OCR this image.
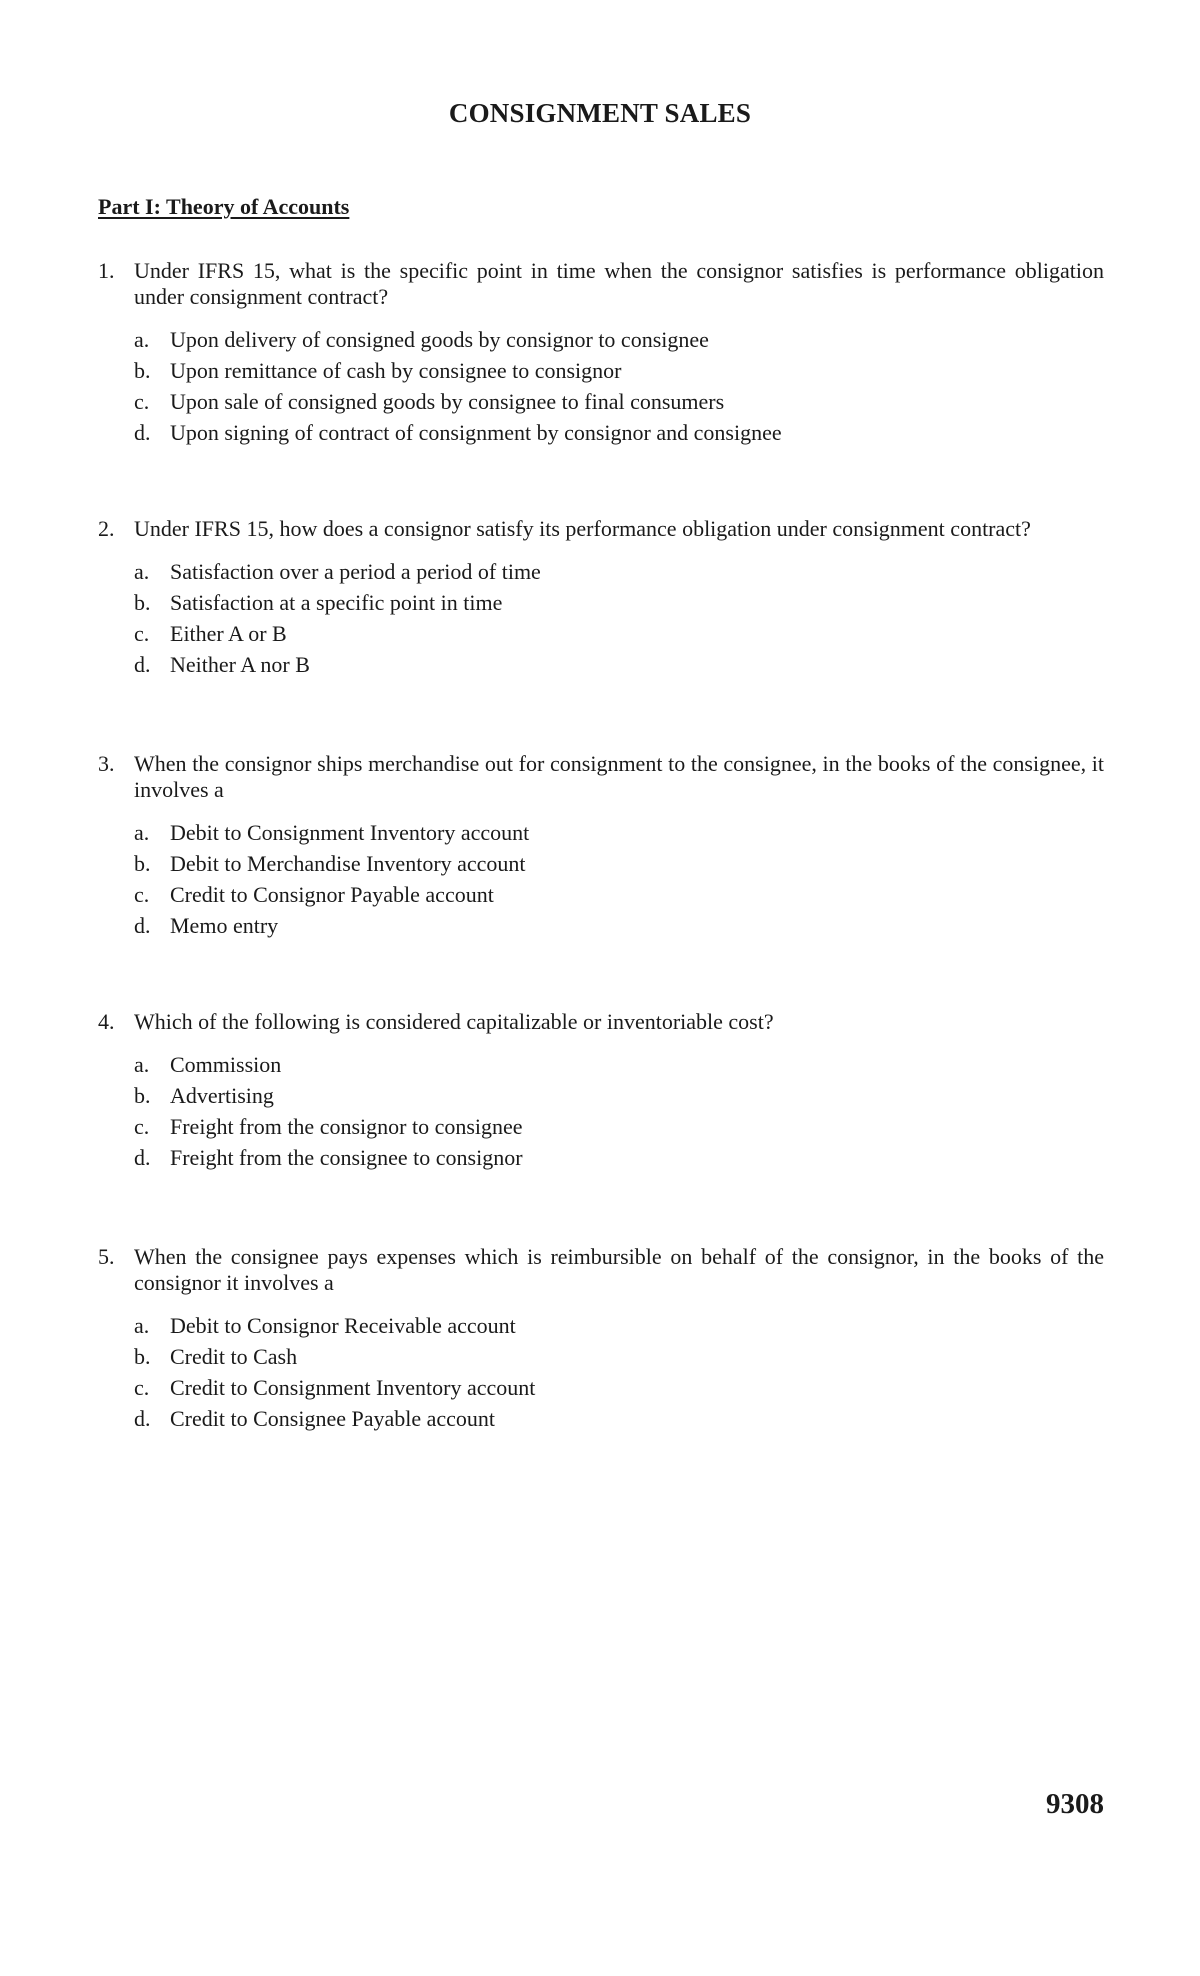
CONSIGNMENT SALES
Part I: Theory of Accounts
1. Under IFRS 15, what is the specific point in time when the consignor satisfies is performance obligation under consignment contract?
a. Upon delivery of consigned goods by consignor to consignee
b. Upon remittance of cash by consignee to consignor
c. Upon sale of consigned goods by consignee to final consumers
d. Upon signing of contract of consignment by consignor and consignee
2. Under IFRS 15, how does a consignor satisfy its performance obligation under consignment contract?
a. Satisfaction over a period a period of time
b. Satisfaction at a specific point in time
c. Either A or B
d. Neither A nor B
3. When the consignor ships merchandise out for consignment to the consignee, in the books of the consignee, it involves a
a. Debit to Consignment Inventory account
b. Debit to Merchandise Inventory account
c. Credit to Consignor Payable account
d. Memo entry
4. Which of the following is considered capitalizable or inventoriable cost?
a. Commission
b. Advertising
c. Freight from the consignor to consignee
d. Freight from the consignee to consignor
5. When the consignee pays expenses which is reimbursible on behalf of the consignor, in the books of the consignor it involves a
a. Debit to Consignor Receivable account
b. Credit to Cash
c. Credit to Consignment Inventory account
d. Credit to Consignee Payable account
9308
